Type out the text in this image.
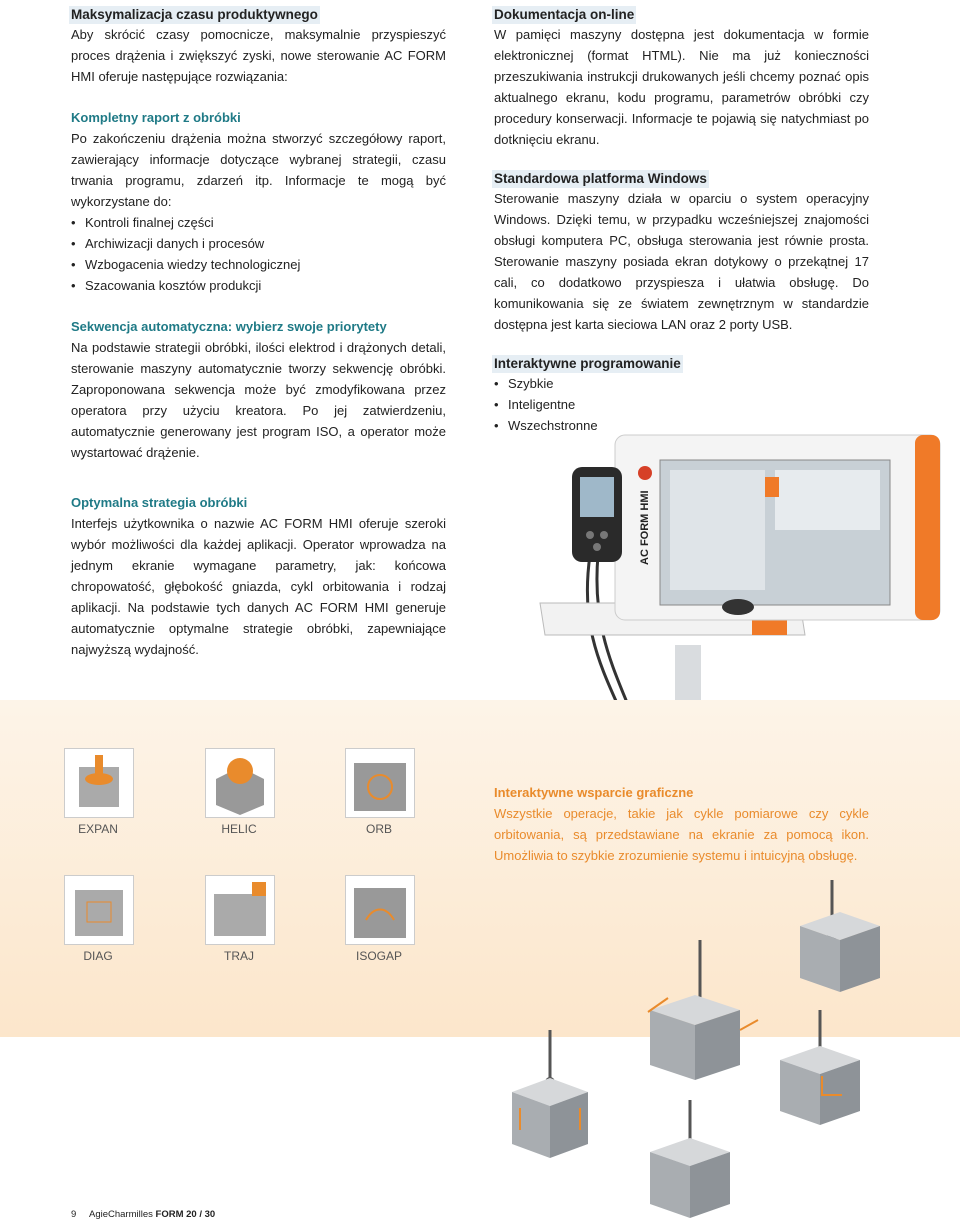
Maksymalizacja czasu produktywnego

Aby skrócić czasy pomocnicze, maksymalnie przyspieszyć proces drążenia i zwiększyć zyski, nowe sterowanie AC FORM HMI oferuje następujące rozwiązania:

Kompletny raport z obróbki

Po zakończeniu drążenia można stworzyć szczegółowy raport, zawierający informacje dotyczące wybranej strategii, czasu trwania programu, zdarzeń itp. Informacje te mogą być wykorzystane do:

• Kontroli finalnej części
• Archiwizacji danych i procesów
• Wzbogacenia wiedzy technologicznej
• Szacowania kosztów produkcji
Sekwencja automatyczna: wybierz swoje priorytety

Na podstawie strategii obróbki, ilości elektrod i drążonych detali, sterowanie maszyny automatycznie tworzy sekwencję obróbki. Zaproponowana sekwencja może być zmodyfikowana przez operatora przy użyciu kreatora. Po jej zatwierdzeniu, automatycznie generowany jest program ISO, a operator może wystartować drążenie.

Optymalna strategia obróbki

Interfejs użytkownika o nazwie AC FORM HMI oferuje szeroki wybór możliwości dla każdej aplikacji. Operator wprowadza na jednym ekranie wymagane parametry, jak: końcowa chropowatość, głębokość gniazda, cykl orbitowania i rodzaj aplikacji. Na podstawie tych danych AC FORM HMI generuje automatycznie optymalne strategie obróbki, zapewniające najwyższą wydajność.

Dokumentacja on-line

W pamięci maszyny dostępna jest dokumentacja w formie elektronicznej (format HTML). Nie ma już konieczności przeszukiwania instrukcji drukowanych jeśli chcemy poznać opis aktualnego ekranu, kodu programu, parametrów obróbki czy procedury konserwacji. Informacje te pojawią się natychmiast po dotknięciu ekranu.

Standardowa platforma Windows

Sterowanie maszyny działa w oparciu o system operacyjny Windows. Dzięki temu, w przypadku wcześniejszej znajomości obsługi komputera PC, obsługa sterowania jest równie prosta. Sterowanie maszyny posiada ekran dotykowy o przekątnej 17 cali, co dodatkowo przyspiesza i ułatwia obsługę. Do komunikowania się ze światem zewnętrznym w standardzie dostępna jest karta sieciowa LAN oraz 2 porty USB.

Interaktywne programowanie
• Szybkie
• Inteligentne
• Wszechstronne
AC FORM HMI
EXPAN	HELIC	ORB
DIAG	TRAJ	ISOGAP
Interaktywne wsparcie graficzne

Wszystkie operacje, takie jak cykle pomiarowe czy cykle orbitowania, są przedstawiane na ekranie za pomocą ikon. Umożliwia to szybkie zrozumienie systemu i intuicyjną obsługę.

9 AgieCharmilles FORM 20 / 30
